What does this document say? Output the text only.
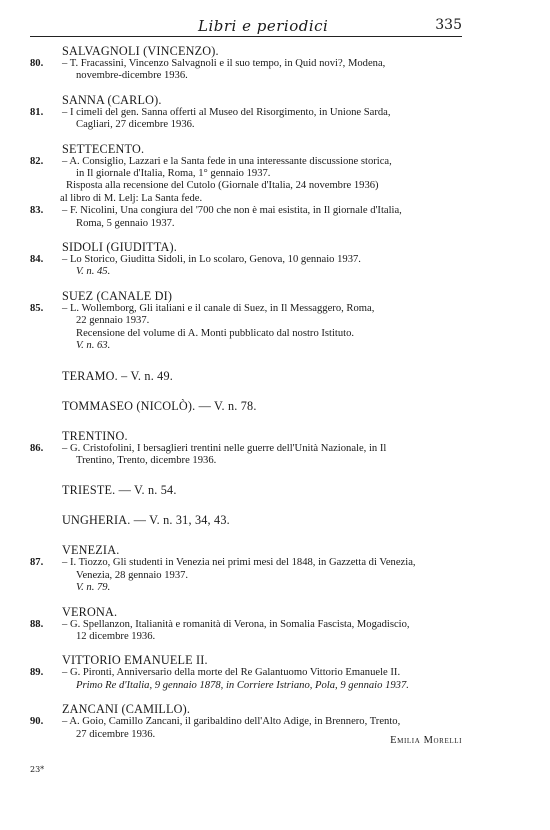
Libri e periodici	335
SALVAGNOLI (VINCENZO).
80. – T. Fracassini, Vincenzo Salvagnoli e il suo tempo, in Quid novi?, Modena,
novembre-dicembre 1936.
SANNA (CARLO).
81. – I cimeli del gen. Sanna offerti al Museo del Risorgimento, in Unione Sarda,
Cagliari, 27 dicembre 1936.
SETTECENTO.
82. – A. Consiglio, Lazzari e la Santa fede in una interessante discussione storica,
in Il giornale d'Italia, Roma, 1° gennaio 1937.
Risposta alla recensione del Cutolo (Giornale d'Italia, 24 novembre 1936)
al libro di M. Lelj: La Santa fede.
83. – F. Nicolini, Una congiura del '700 che non è mai esistita, in Il giornale d'Italia,
Roma, 5 gennaio 1937.
SIDOLI (GIUDITTA).
84. – Lo Storico, Giuditta Sidoli, in Lo scolaro, Genova, 10 gennaio 1937.
V. n. 45.
SUEZ (CANALE DI)
85. – L. Wollemborg, Gli italiani e il canale di Suez, in Il Messaggero, Roma,
22 gennaio 1937.
Recensione del volume di A. Monti pubblicato dal nostro Istituto.
V. n. 63.
TERAMO. – V. n. 49.
TOMMASEO (NICOLÒ). — V. n. 78.
TRENTINO.
86. – G. Cristofolini, I bersaglieri trentini nelle guerre dell'Unità Nazionale, in Il
Trentino, Trento, dicembre 1936.
TRIESTE. — V. n. 54.
UNGHERIA. — V. n. 31, 34, 43.
VENEZIA.
87. – I. Tiozzo, Gli studenti in Venezia nei primi mesi del 1848, in Gazzetta di Venezia,
Venezia, 28 gennaio 1937.
V. n. 79.
VERONA.
88. – G. Spellanzon, Italianità e romanità di Verona, in Somalia Fascista, Mogadiscio,
12 dicembre 1936.
VITTORIO EMANUELE II.
89. – G. Pironti, Anniversario della morte del Re Galantuomo Vittorio Emanuele II.
Primo Re d'Italia, 9 gennaio 1878, in Corriere Istriano, Pola, 9 gennaio 1937.
ZANCANI (CAMILLO).
90. – A. Goio, Camillo Zancani, il garibaldino dell'Alto Adige, in Brennero, Trento,
27 dicembre 1936.
Emilia Morelli
23*
